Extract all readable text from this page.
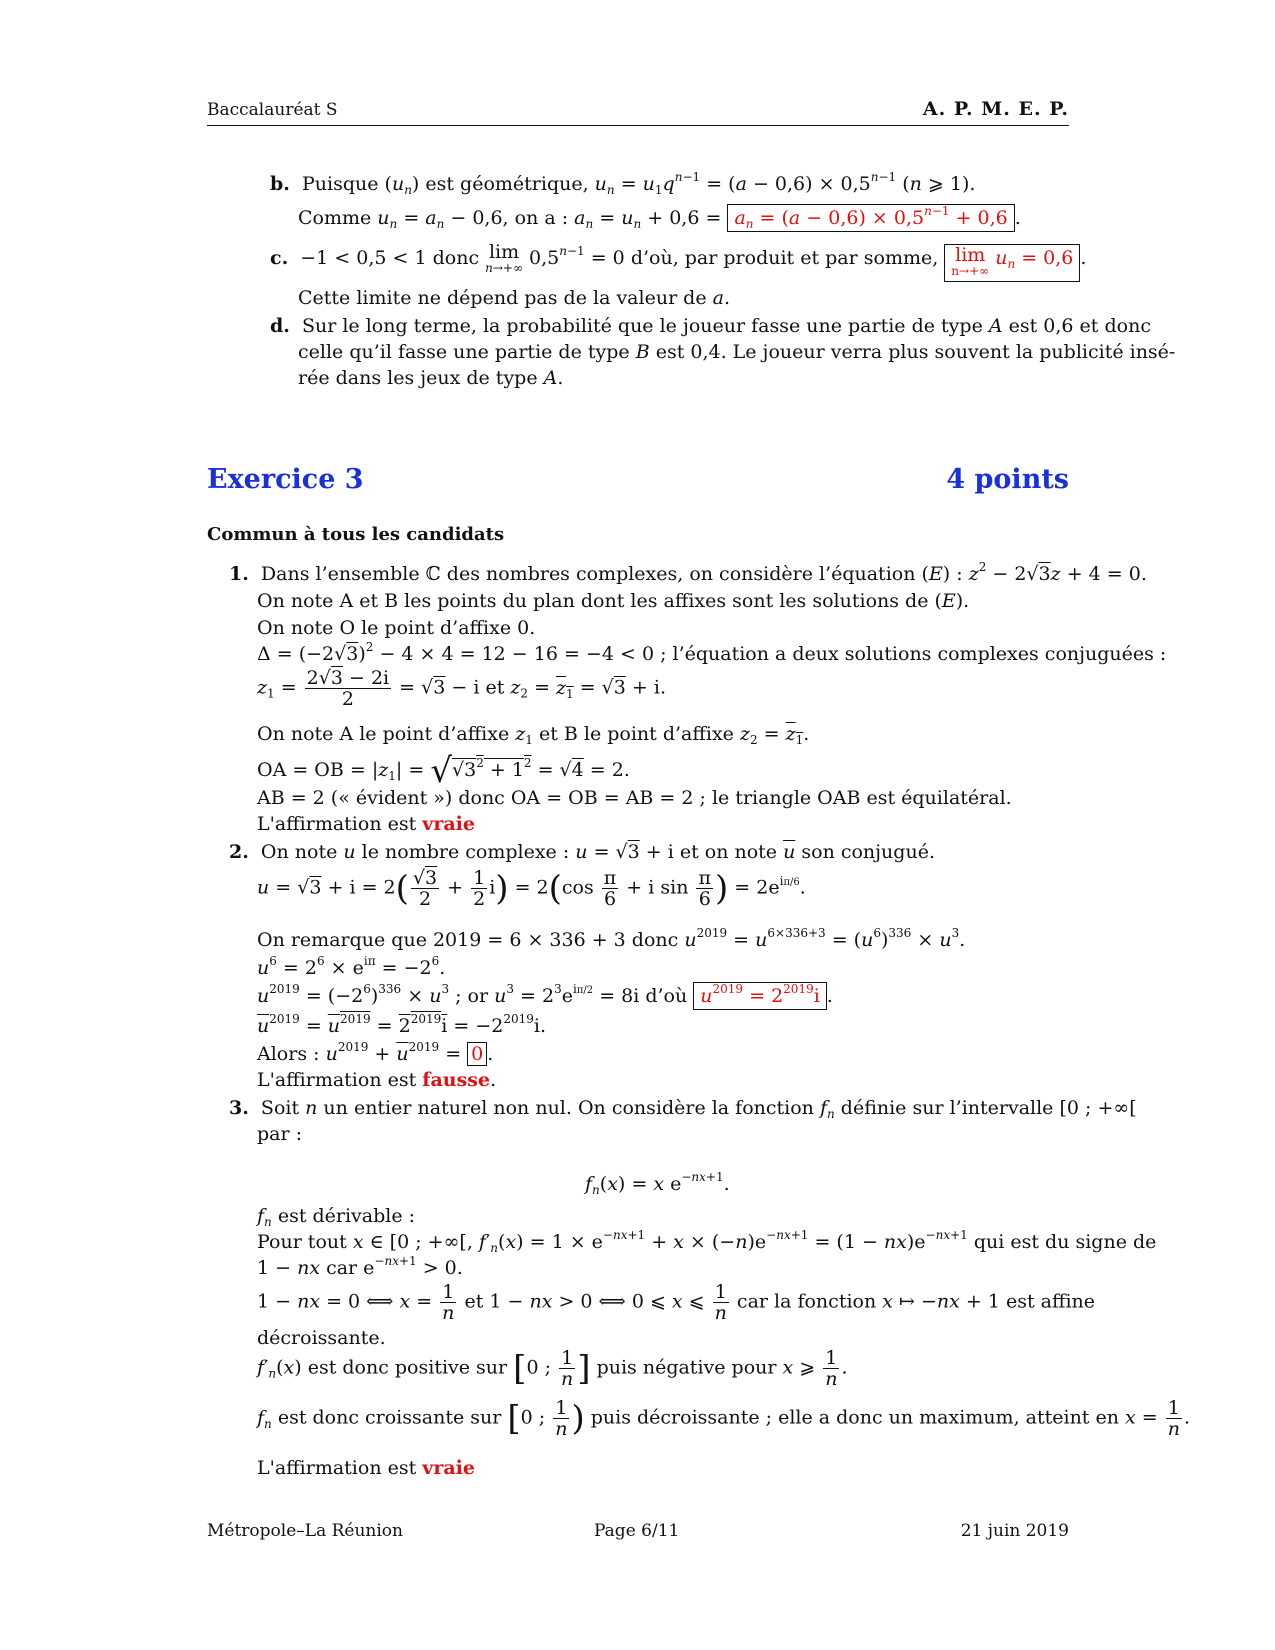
Baccalauréat S	A. P. M. E. P.
b.  Puisque $(u_n)$ est géométrique, $u_n = u_1q^{n-1} = (a - 0,6) \times 0,5^{n-1}$ (n ⩾ 1).
Comme $u_n = a_n - 0,6$, on a : $a_n = u_n + 0,6 = a_n = (a - 0,6) \times 0,5^{n-1} + 0,6$ .
c.  −1 < 0,5 < 1 donc lim
n→+∞ $0,5^{n-1} = 0$ d’où, par produit et par somme, lim
n→+∞
$u_n = 0,6$ .
Cette limite ne dépend pas de la valeur de a.
d.  Sur le long terme, la probabilité que le joueur fasse une partie de type A est 0,6 et donc
celle qu’il fasse une partie de type B est 0,4. Le joueur verra plus souvent la publicité insé-
rée dans les jeux de type A.
Exercice 3	4 points
Commun à tous les candidats
1.  Dans l’ensemble ℂ des nombres complexes, on considère l’équation (E) : $z^2 - 2√3z + 4 = 0$.
On note A et B les points du plan dont les affixes sont les solutions de (E).
On note O le point d’affixe 0.
$\Delta = (-2√3)^2 - 4 \times 4 = 12 - 16 = -4 < 0$ ; l’équation a deux solutions complexes conjuguées :
$z_1 = \frac{2√3 - 2i}{2} = √3 - i$ et $z_2 = z_1 = √3 + i$.
On note A le point d’affixe $z_1$ et B le point d’affixe $z_2 = z_1$.
OA = OB = $|z_1| = √√3^2 + 1^2 = √4 = 2$.
AB = 2 (« évident ») donc OA = OB = AB = 2 ; le triangle OAB est équilatéral.
L'affirmation est vraie
2.  On note u le nombre complexe : u = √3 + i et on note $\overline{u}$ son conjugué.
$u = √3 + i = 2( \frac{√3}{2} + \frac{1}{2} i) = 2(\cos \frac{\pi}{6} + i$ $\sin \frac{\pi}{6}$ ) = $2e^{i\pi/6}$.
On remarque que 2019 = 6 × 336 + 3 donc $u^{2019} = u^{6\times 336+3} = (u^6)^{336} \times u^3$.
$u^6 = 2^6 \times e^{i\pi} = -2^6$.
$u^{2019} = (-2^6)^{336} \times u^3$ ; or $u^3 = 2^3e^{i\pi/2} = 8i$ d’où $u^{2019} = 2^{2019}i$ .
$\overline{u}^{2019} = u^{2019} = 2^{2019}i = -2^{2019}i$.
Alors : $u^{2019} + \overline{u}^{2019} = 0$ .
L'affirmation est fausse.
3.  Soit n un entier naturel non nul. On considère la fonction $f_n$ définie sur l’intervalle [0 ; +∞[
par :
$f_n(x) = x$ $e^{-nx+1}$.
$f_n$ est dérivable :
Pour tout x ∈ [0 ; +∞[, $f'_n(x) = 1 \times e^{-nx+1} + x \times (-n)e^{-nx+1} = (1 - nx)e^{-nx+1}$ qui est du signe de
1 − nx car $e^{-nx+1} > 0$.
1 − nx = 0 ⟺ $x = \frac{1}{n}$ et 1 − nx > 0 ⟺ 0 ⩽ x ⩽ $\frac{1}{n}$ car la fonction x ↦ −nx + 1 est affine
décroissante.
$f'_n(x)$ est donc positive sur [0 ; $\frac{1}{n}$ ] puis négative pour x ⩾ $\frac{1}{n}$ .
$f_n$ est donc croissante sur [0 ; $\frac{1}{n}$ ) puis décroissante ; elle a donc un maximum, atteint en $x = \frac{1}{n}$ .
L'affirmation est vraie
Métropole–La Réunion	Page 6/11	21 juin 2019
